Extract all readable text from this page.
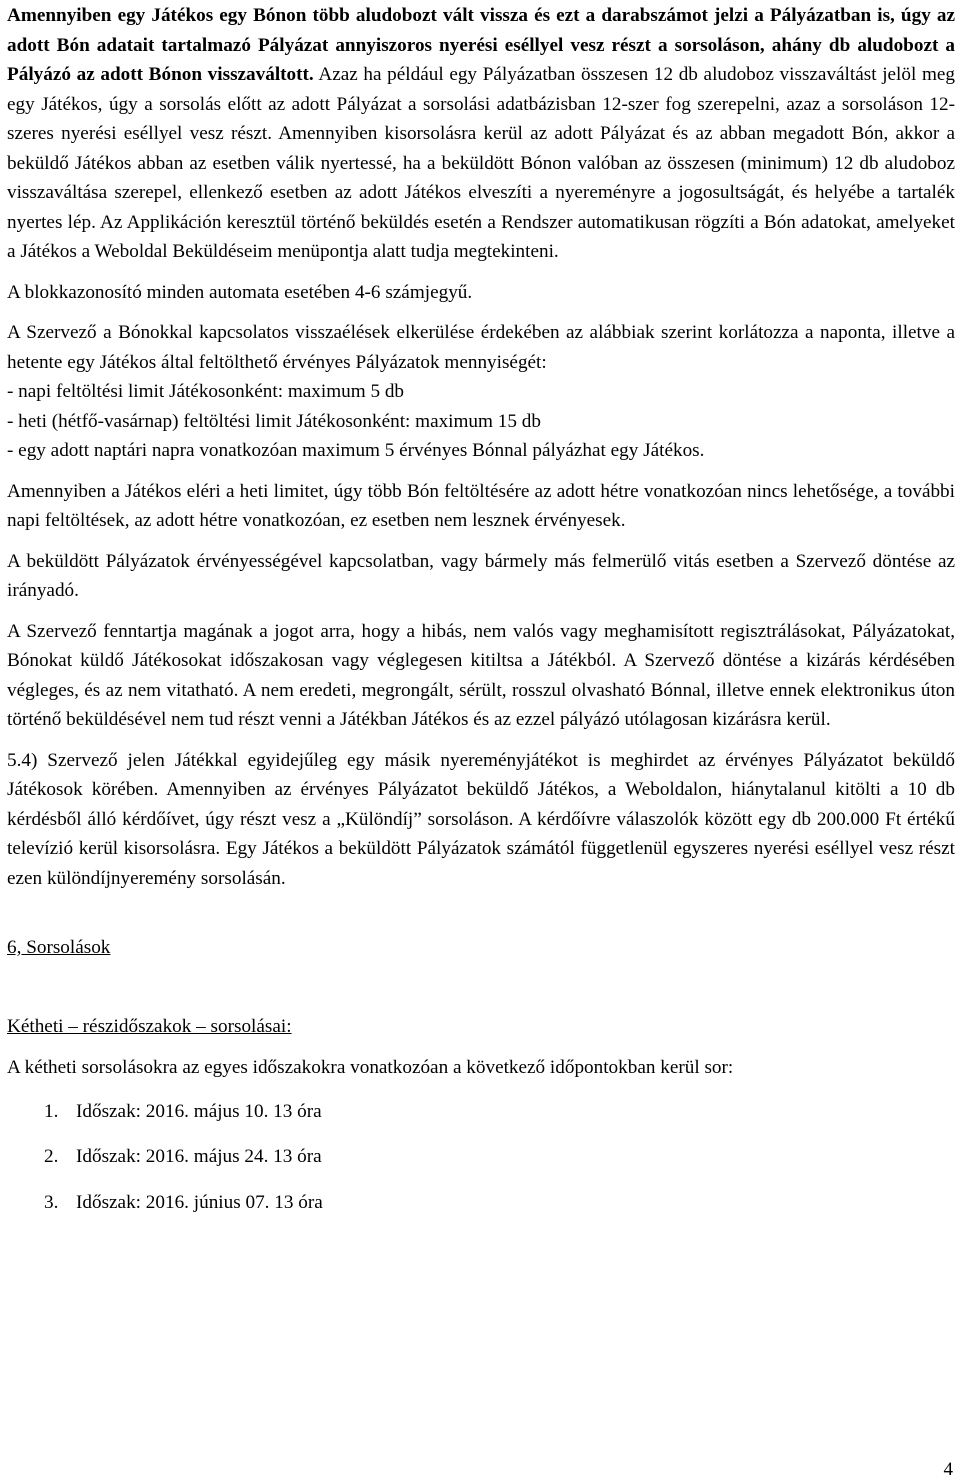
Amennyiben egy Játékos egy Bónon több aludobozt vált vissza és ezt a darabszámot jelzi a Pályázatban is, úgy az adott Bón adatait tartalmazó Pályázat annyiszoros nyerési eséllyel vesz részt a sorsoláson, ahány db aludobozt a Pályázó az adott Bónon visszaváltott. Azaz ha például egy Pályázatban összesen 12 db aludoboz visszaváltást jelöl meg egy Játékos, úgy a sorsolás előtt az adott Pályázat a sorsolási adatbázisban 12-szer fog szerepelni, azaz a sorsoláson 12-szeres nyerési eséllyel vesz részt. Amennyiben kisorsolásra kerül az adott Pályázat és az abban megadott Bón, akkor a beküldő Játékos abban az esetben válik nyertessé, ha a beküldött Bónon valóban az összesen (minimum) 12 db aludoboz visszaváltása szerepel, ellenkező esetben az adott Játékos elveszíti a nyereményre a jogosultságát, és helyébe a tartalék nyertes lép. Az Applikáción keresztül történő beküldés esetén a Rendszer automatikusan rögzíti a Bón adatokat, amelyeket a Játékos a Weboldal Beküldéseim menüpontja alatt tudja megtekinteni.

A blokkazonosító minden automata esetében 4-6 számjegyű.

A Szervező a Bónokkal kapcsolatos visszaélések elkerülése érdekében az alábbiak szerint korlátozza a naponta, illetve a hetente egy Játékos által feltölthető érvényes Pályázatok mennyiségét:
- napi feltöltési limit Játékosonként: maximum 5 db
- heti (hétfő-vasárnap) feltöltési limit Játékosonként: maximum 15 db
- egy adott naptári napra vonatkozóan maximum 5 érvényes Bónnal pályázhat egy Játékos.

Amennyiben a Játékos eléri a heti limitet, úgy több Bón feltöltésére az adott hétre vonatkozóan nincs lehetősége, a további napi feltöltések, az adott hétre vonatkozóan, ez esetben nem lesznek érvényesek.

A beküldött Pályázatok érvényességével kapcsolatban, vagy bármely más felmerülő vitás esetben a Szervező döntése az irányadó.

A Szervező fenntartja magának a jogot arra, hogy a hibás, nem valós vagy meghamisított regisztrálásokat, Pályázatokat, Bónokat küldő Játékosokat időszakosan vagy véglegesen kitiltsa a Játékból. A Szervező döntése a kizárás kérdésében végleges, és az nem vitatható. A nem eredeti, megrongált, sérült, rosszul olvasható Bónnal, illetve ennek elektronikus úton történő beküldésével nem tud részt venni a Játékban Játékos és az ezzel pályázó utólagosan kizárásra kerül.

5.4) Szervező jelen Játékkal egyidejűleg egy másik nyereményjátékot is meghirdet az érvényes Pályázatot beküldő Játékosok körében. Amennyiben az érvényes Pályázatot beküldő Játékos, a Weboldalon, hiánytalanul kitölti a 10 db kérdésből álló kérdőívet, úgy részt vesz a „Különdíj” sorsoláson. A kérdőívre válaszolók között egy db 200.000 Ft értékű televízió kerül kisorsolásra. Egy Játékos a beküldött Pályázatok számától függetlenül egyszeres nyerési eséllyel vesz részt ezen különdíjnyeremény sorsolásán.

6, Sorsolások

Kétheti – részidőszakok – sorsolásai:

A kétheti sorsolásokra az egyes időszakokra vonatkozóan a következő időpontokban kerül sor:

1. Időszak: 2016. május 10. 13 óra
2. Időszak: 2016. május 24. 13 óra
3. Időszak: 2016. június 07. 13 óra
4
